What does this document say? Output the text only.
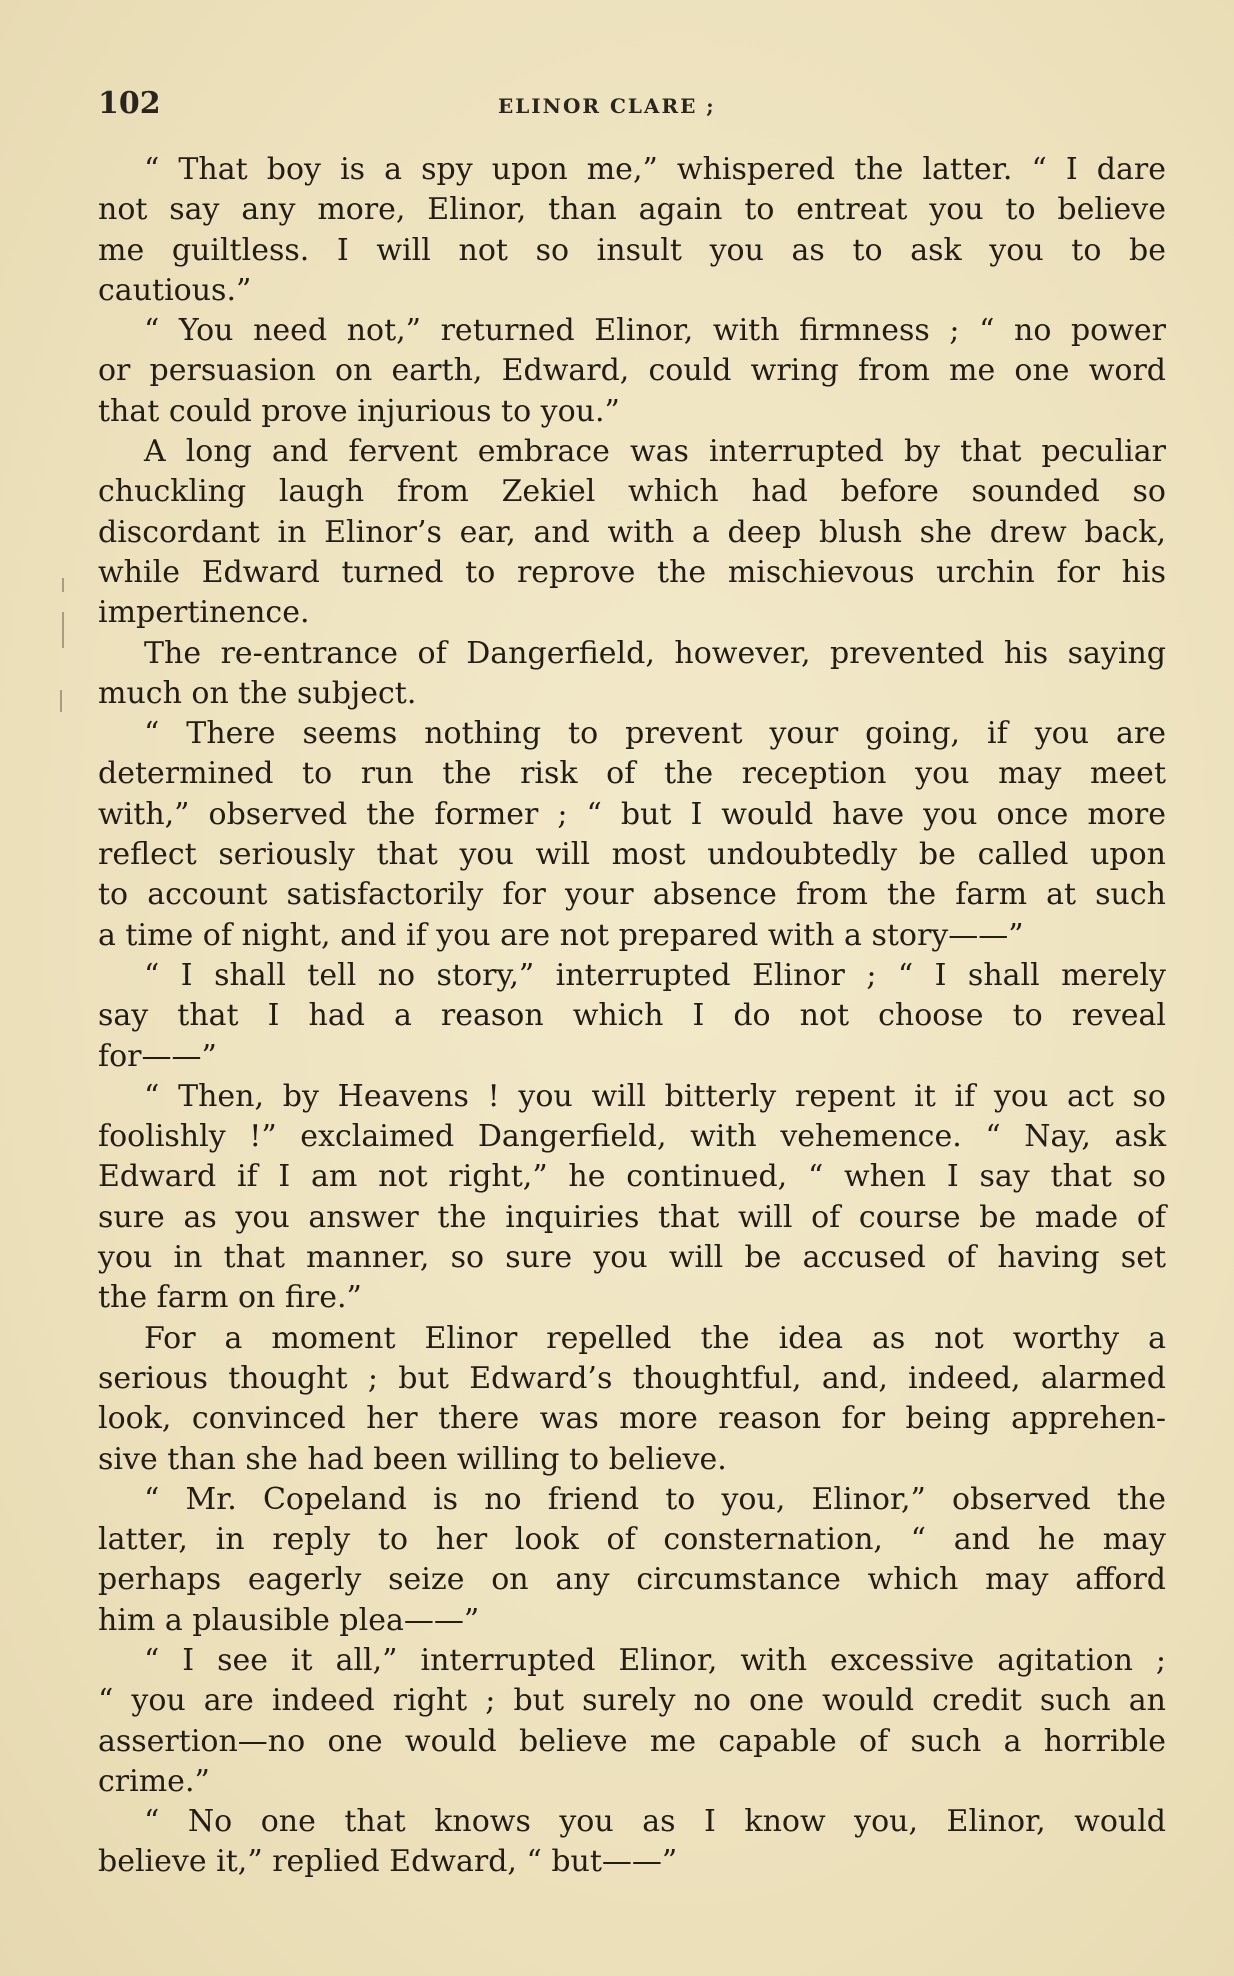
102	ELINOR CLARE ;
“ That boy is a spy upon me,” whispered the latter. “ I dare
not say any more, Elinor, than again to entreat you to believe
me guiltless. I will not so insult you as to ask you to be
cautious.”
“ You need not,” returned Elinor, with firmness ; “ no power
or persuasion on earth, Edward, could wring from me one word
that could prove injurious to you.”
A long and fervent embrace was interrupted by that peculiar
chuckling laugh from Zekiel which had before sounded so
discordant in Elinor’s ear, and with a deep blush she drew back,
while Edward turned to reprove the mischievous urchin for his
impertinence.
The re-entrance of Dangerfield, however, prevented his saying
much on the subject.
“ There seems nothing to prevent your going, if you are
determined to run the risk of the reception you may meet
with,” observed the former ; “ but I would have you once more
reflect seriously that you will most undoubtedly be called upon
to account satisfactorily for your absence from the farm at such
a time of night, and if you are not prepared with a story——”
“ I shall tell no story,” interrupted Elinor ; “ I shall merely
say that I had a reason which I do not choose to reveal
for——”
“ Then, by Heavens ! you will bitterly repent it if you act so
foolishly !” exclaimed Dangerfield, with vehemence. “ Nay, ask
Edward if I am not right,” he continued, “ when I say that so
sure as you answer the inquiries that will of course be made of
you in that manner, so sure you will be accused of having set
the farm on fire.”
For a moment Elinor repelled the idea as not worthy a
serious thought ; but Edward’s thoughtful, and, indeed, alarmed
look, convinced her there was more reason for being apprehen-
sive than she had been willing to believe.
“ Mr. Copeland is no friend to you, Elinor,” observed the
latter, in reply to her look of consternation, “ and he may
perhaps eagerly seize on any circumstance which may afford
him a plausible plea——”
“ I see it all,” interrupted Elinor, with excessive agitation ;
“ you are indeed right ; but surely no one would credit such an
assertion—no one would believe me capable of such a horrible
crime.”
“ No one that knows you as I know you, Elinor, would
believe it,” replied Edward, “ but——”
